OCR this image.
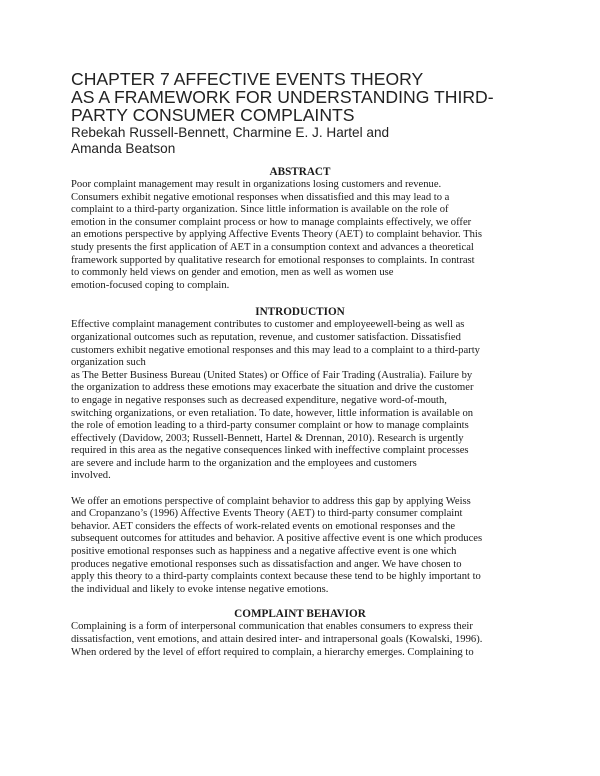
CHAPTER 7 AFFECTIVE EVENTS THEORY
AS A FRAMEWORK FOR UNDERSTANDING THIRD-
PARTY CONSUMER COMPLAINTS
Rebekah Russell-Bennett, Charmine E. J. Hartel and
Amanda Beatson
ABSTRACT
Poor complaint management may result in organizations losing customers and revenue.
Consumers exhibit negative emotional responses when dissatisfied and this may lead to a
complaint to a third-party organization. Since little information is available on the role of
emotion in the consumer complaint process or how to manage complaints effectively, we offer
an emotions perspective by applying Affective Events Theory (AET) to complaint behavior. This
study presents the first application of AET in a consumption context and advances a theoretical
framework supported by qualitative research for emotional responses to complaints. In contrast
to commonly held views on gender and emotion, men as well as women use
emotion-focused coping to complain.
INTRODUCTION
Effective complaint management contributes to customer and employeewell-being as well as
organizational outcomes such as reputation, revenue, and customer satisfaction. Dissatisfied
customers exhibit negative emotional responses and this may lead to a complaint to a third-party
organization such
as The Better Business Bureau (United States) or Office of Fair Trading (Australia). Failure by
the organization to address these emotions may exacerbate the situation and drive the customer
to engage in negative responses such as decreased expenditure, negative word-of-mouth,
switching organizations, or even retaliation. To date, however, little information is available on
the role of emotion leading to a third-party consumer complaint or how to manage complaints
effectively (Davidow, 2003; Russell-Bennett, Hartel & Drennan, 2010). Research is urgently
required in this area as the negative consequences linked with ineffective complaint processes
are severe and include harm to the organization and the employees and customers
involved.
We offer an emotions perspective of complaint behavior to address this gap by applying Weiss
and Cropanzano’s (1996) Affective Events Theory (AET) to third-party consumer complaint
behavior. AET considers the effects of work-related events on emotional responses and the
subsequent outcomes for attitudes and behavior. A positive affective event is one which produces
positive emotional responses such as happiness and a negative affective event is one which
produces negative emotional responses such as dissatisfaction and anger. We have chosen to
apply this theory to a third-party complaints context because these tend to be highly important to
the individual and likely to evoke intense negative emotions.
COMPLAINT BEHAVIOR
Complaining is a form of interpersonal communication that enables consumers to express their
dissatisfaction, vent emotions, and attain desired inter- and intrapersonal goals (Kowalski, 1996).
When ordered by the level of effort required to complain, a hierarchy emerges. Complaining to
